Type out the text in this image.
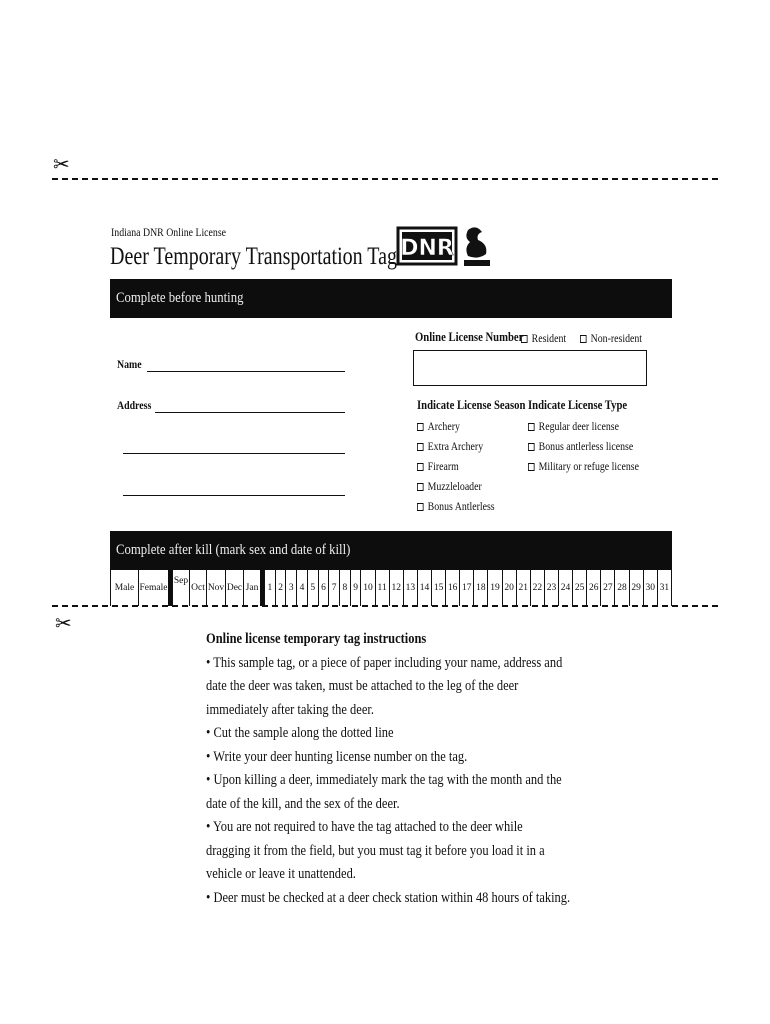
✂
Indiana DNR Online License
Deer Temporary Transportation Tag DNR
Complete before hunting
Online License Number Resident	Non-resident
Name
Address	Indicate License Season
Archery
Extra Archery
Firearm
Muzzleloader
Bonus Antlerless
Indicate License Type
Regular deer license
Bonus antlerless license
Military or refuge license
Complete after kill (mark sex and date of kill)
Male Female
Sep
Oct Nov Dec Jan 1 2 3 4 5 6 7 8 9 10 11 12 13 14 15 16 17 18 19 20 21 22 23 24 25 26 27 28 29 30 31
✂

Online license temporary tag instructions

• This sample tag, or a piece of paper including your name, address and

date the deer was taken, must be attached to the leg of the deer

immediately after taking the deer.

• Cut the sample along the dotted line

• Write your deer hunting license number on the tag.

• Upon killing a deer, immediately mark the tag with the month and the

date of the kill, and the sex of the deer.

• You are not required to have the tag attached to the deer while

dragging it from the field, but you must tag it before you load it in a

vehicle or leave it unattended.

• Deer must be checked at a deer check station within 48 hours of taking.
